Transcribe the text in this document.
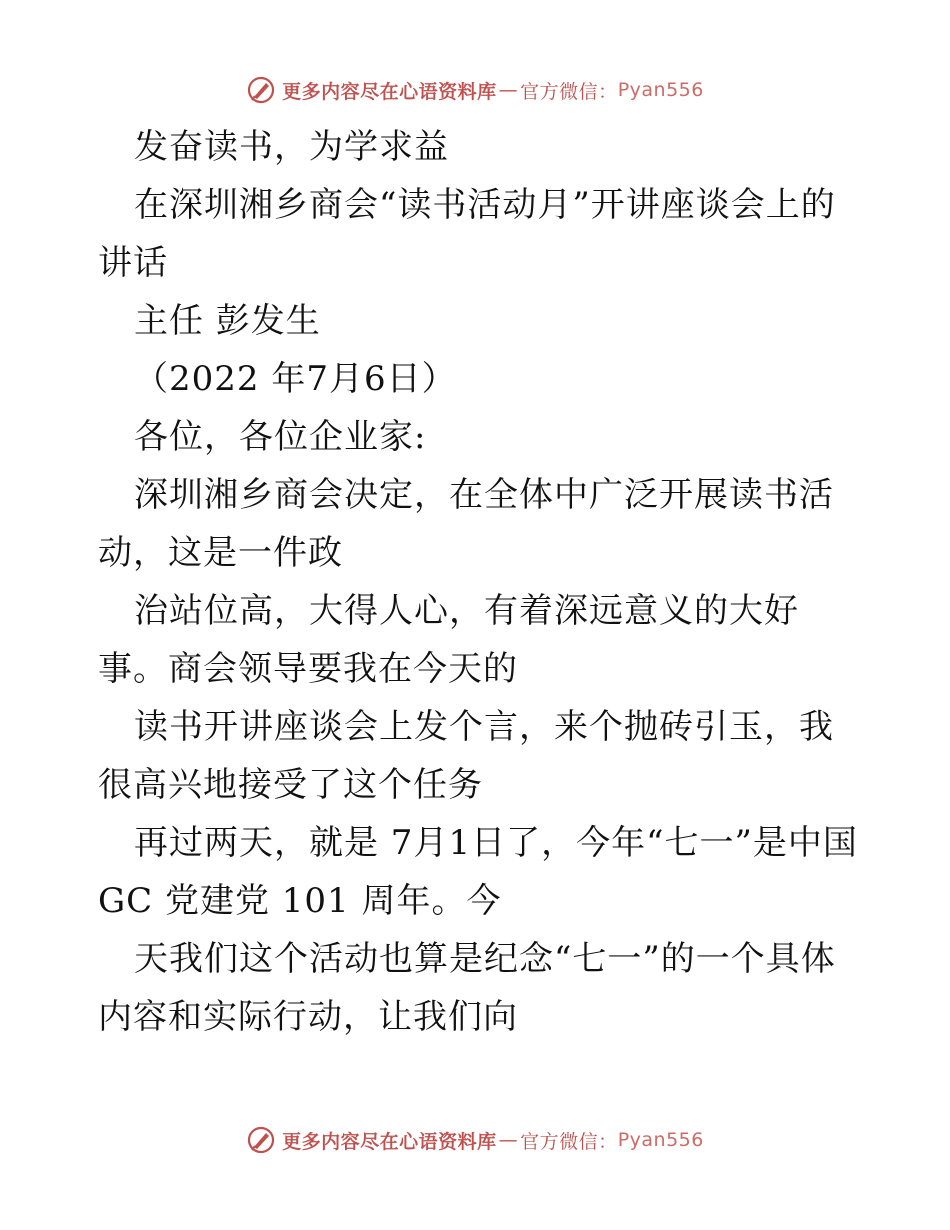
更多内容尽在心语资料库 — 官方微信： Pyan556

发奋读书，为学求益

在深圳湘乡商会“读书活动月”开讲座谈会上的讲话

主任 彭发生

（2022 年7月6日）

各位，各位企业家:

深圳湘乡商会决定，在全体中广泛开展读书活动，这是一件政

治站位高，大得人心，有着深远意义的大好事。商会领导要我在今天的

读书开讲座谈会上发个言，来个抛砖引玉，我很高兴地接受了这个任务

再过两天，就是 7月1日了，今年“七一”是中国 GC 党建党 101 周年。今

天我们这个活动也算是纪念“七一”的一个具体内容和实际行动，让我们向

更多内容尽在心语资料库 — 官方微信： Pyan556
